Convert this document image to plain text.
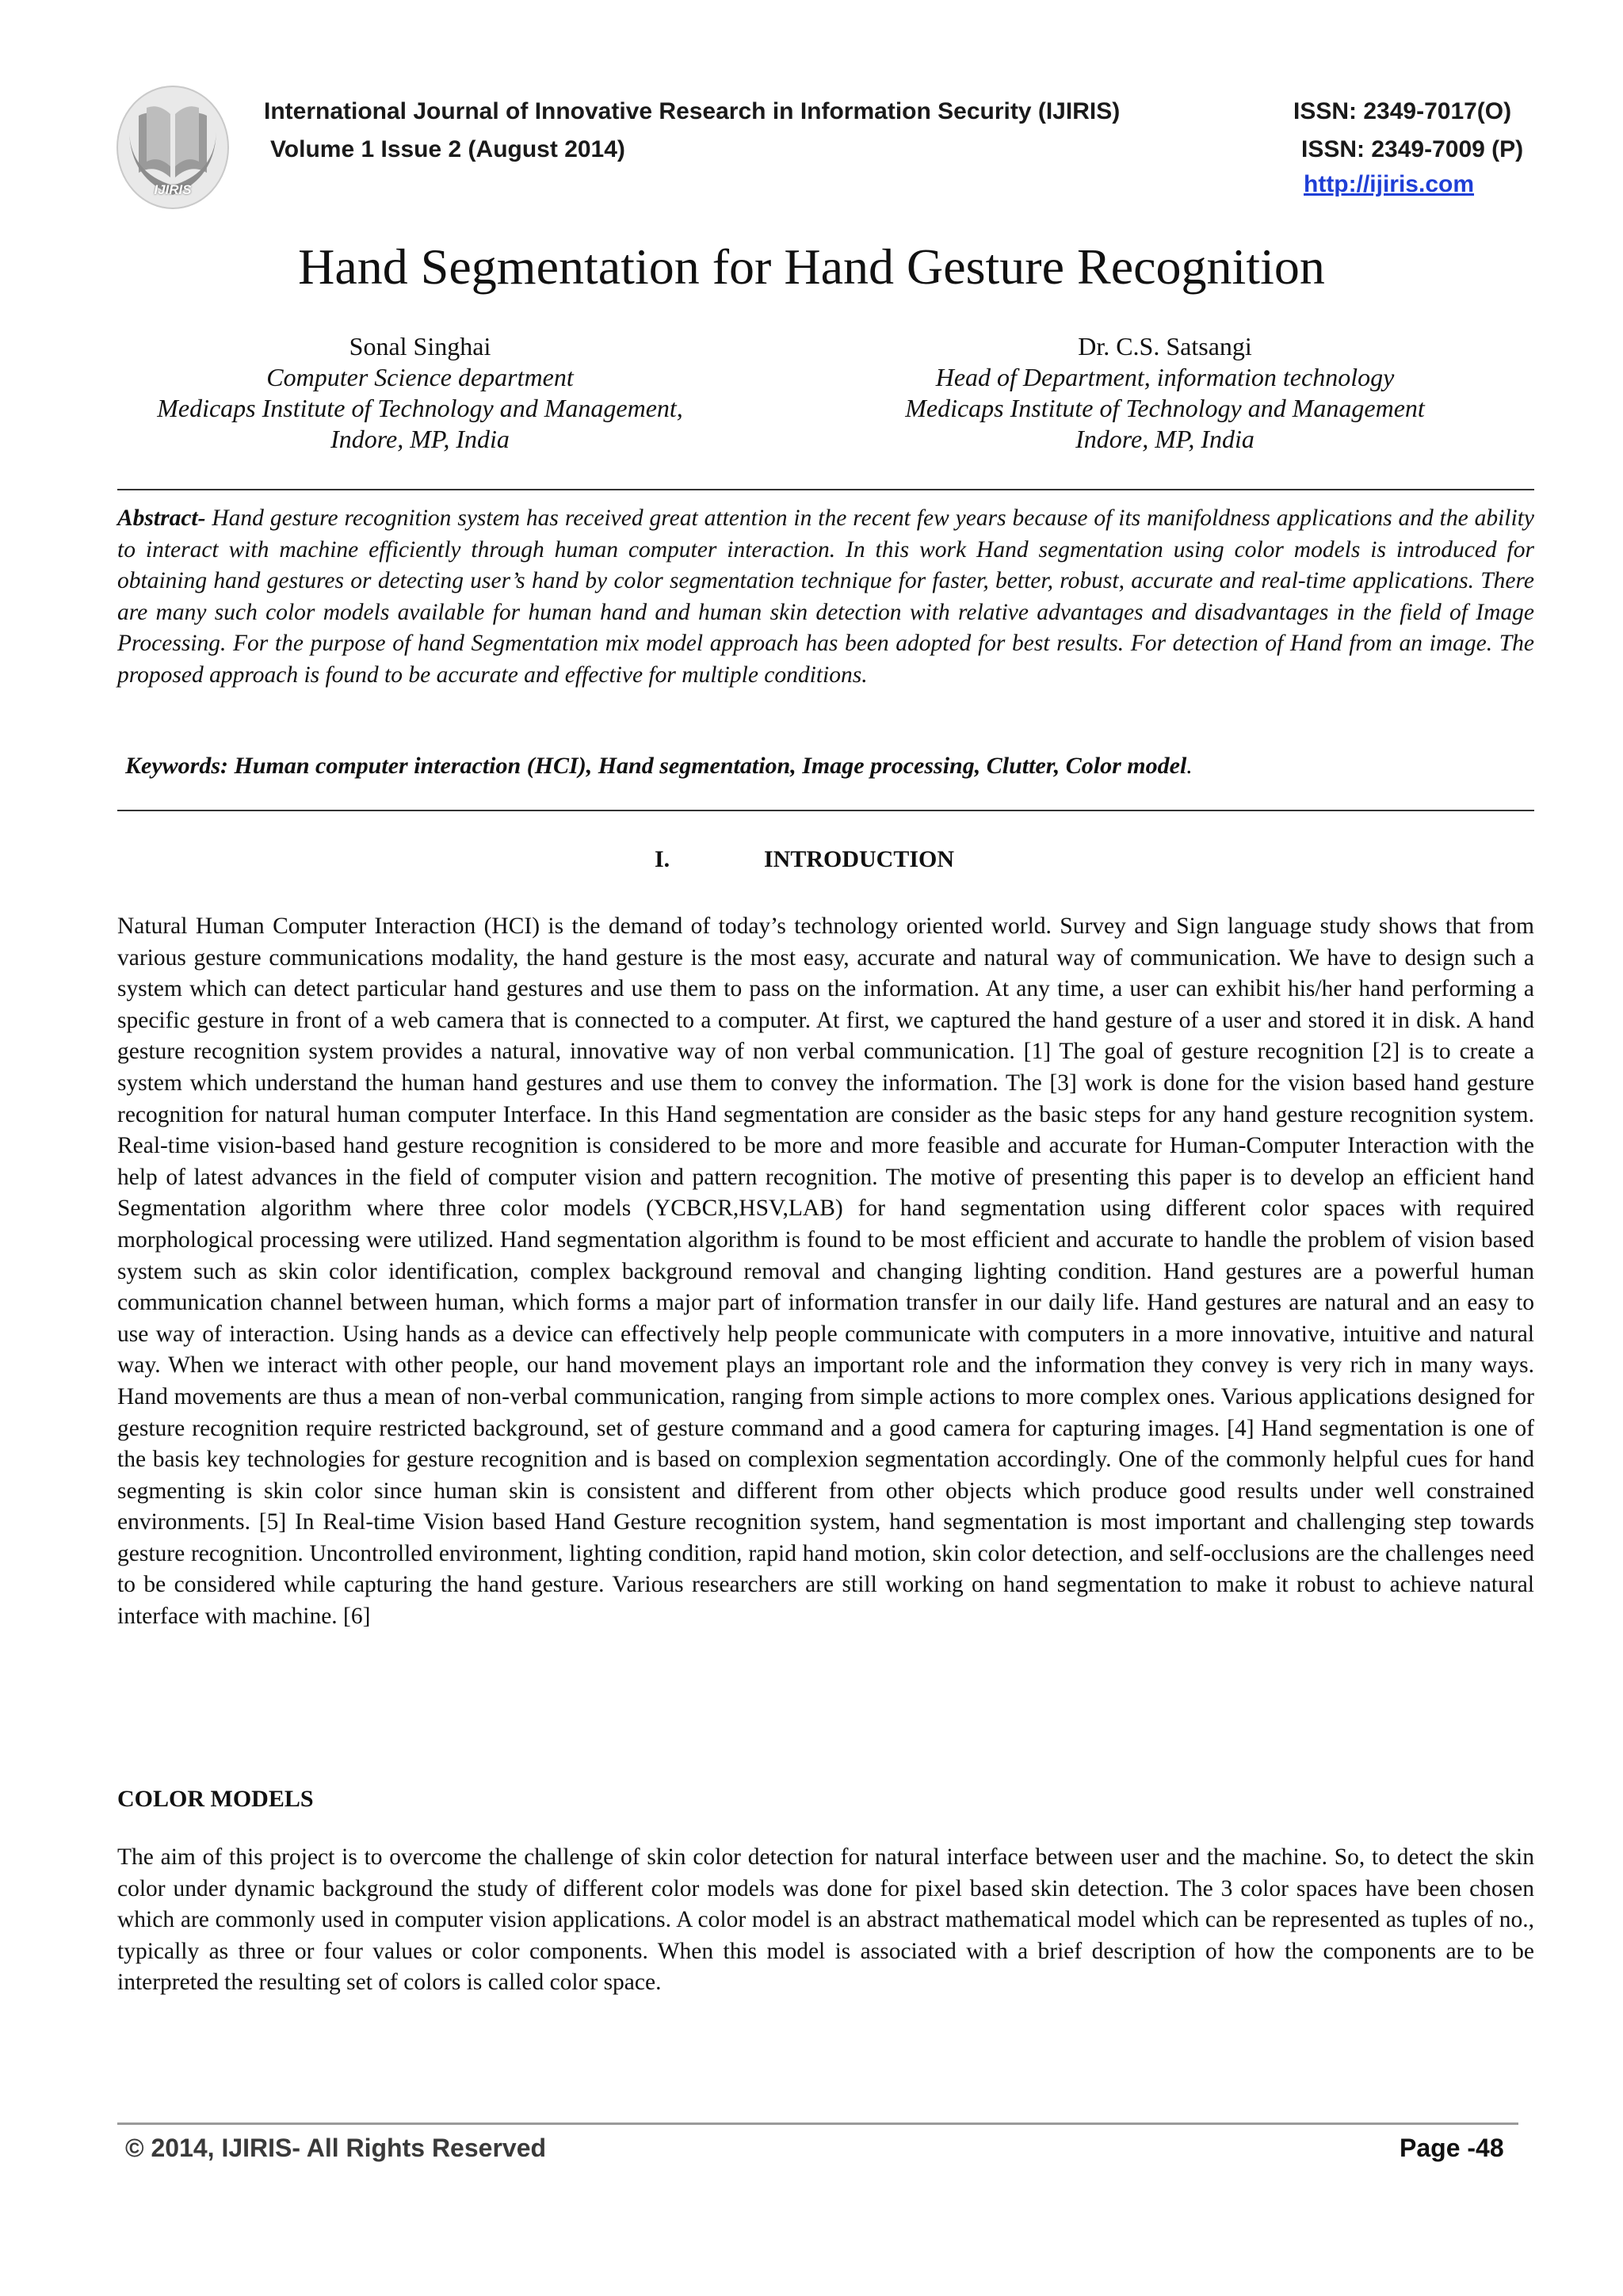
IJIRIS
International Journal of Innovative Research in Information Security (IJIRIS)
Volume 1 Issue 2 (August 2014)
ISSN: 2349-7017(O)
ISSN: 2349-7009 (P)
http://ijiris.com
Hand Segmentation for Hand Gesture Recognition
Sonal Singhai
Computer Science department
Medicaps Institute of Technology and Management,
Indore, MP, India
Dr. C.S. Satsangi
Head of Department, information technology
Medicaps Institute of Technology and Management
Indore, MP, India

Abstract- Hand gesture recognition system has received great attention in the recent few years because of its manifoldness applications and the ability to interact with machine efficiently through human computer interaction. In this work Hand segmentation using color models is introduced for obtaining hand gestures or detecting user’s hand by color segmentation technique for faster, better, robust, accurate and real-time applications. There are many such color models available for human hand and human skin detection with relative advantages and disadvantages in the field of Image Processing. For the purpose of hand Segmentation mix model approach has been adopted for best results. For detection of Hand from an image. The proposed approach is found to be accurate and effective for multiple conditions.

Keywords: Human computer interaction (HCI), Hand segmentation, Image processing, Clutter, Color model.
I.	INTRODUCTION

Natural Human Computer Interaction (HCI) is the demand of today’s technology oriented world. Survey and Sign language study shows that from various gesture communications modality, the hand gesture is the most easy, accurate and natural way of communication. We have to design such a system which can detect particular hand gestures and use them to pass on the information. At any time, a user can exhibit his/her hand performing a specific gesture in front of a web camera that is connected to a computer. At first, we captured the hand gesture of a user and stored it in disk. A hand gesture recognition system provides a natural, innovative way of non verbal communication. [1] The goal of gesture recognition [2] is to create a system which understand the human hand gestures and use them to convey the information. The [3] work is done for the vision based hand gesture recognition for natural human computer Interface. In this Hand segmentation are consider as the basic steps for any hand gesture recognition system. Real-time vision-based hand gesture recognition is considered to be more and more feasible and accurate for Human-Computer Interaction with the help of latest advances in the field of computer vision and pattern recognition. The motive of presenting this paper is to develop an efficient hand Segmentation algorithm where three color models (YCBCR,HSV,LAB) for hand segmentation using different color spaces with required morphological processing were utilized. Hand segmentation algorithm is found to be most efficient and accurate to handle the problem of vision based system such as skin color identification, complex background removal and changing lighting condition. Hand gestures are a powerful human communication channel between human, which forms a major part of information transfer in our daily life. Hand gestures are natural and an easy to use way of interaction. Using hands as a device can effectively help people communicate with computers in a more innovative, intuitive and natural way. When we interact with other people, our hand movement plays an important role and the information they convey is very rich in many ways. Hand movements are thus a mean of non-verbal communication, ranging from simple actions to more complex ones. Various applications designed for gesture recognition require restricted background, set of gesture command and a good camera for capturing images. [4] Hand segmentation is one of the basis key technologies for gesture recognition and is based on complexion segmentation accordingly. One of the commonly helpful cues for hand segmenting is skin color since human skin is consistent and different from other objects which produce good results under well constrained environments. [5] In Real-time Vision based Hand Gesture recognition system, hand segmentation is most important and challenging step towards gesture recognition. Uncontrolled environment, lighting condition, rapid hand motion, skin color detection, and self-occlusions are the challenges need to be considered while capturing the hand gesture. Various researchers are still working on hand segmentation to make it robust to achieve natural interface with machine. [6]

COLOR MODELS

The aim of this project is to overcome the challenge of skin color detection for natural interface between user and the machine. So, to detect the skin color under dynamic background the study of different color models was done for pixel based skin detection. The 3 color spaces have been chosen which are commonly used in computer vision applications. A color model is an abstract mathematical model which can be represented as tuples of no., typically as three or four values or color components. When this model is associated with a brief description of how the components are to be interpreted the resulting set of colors is called color space.

© 2014, IJIRIS- All Rights Reserved	Page -48
